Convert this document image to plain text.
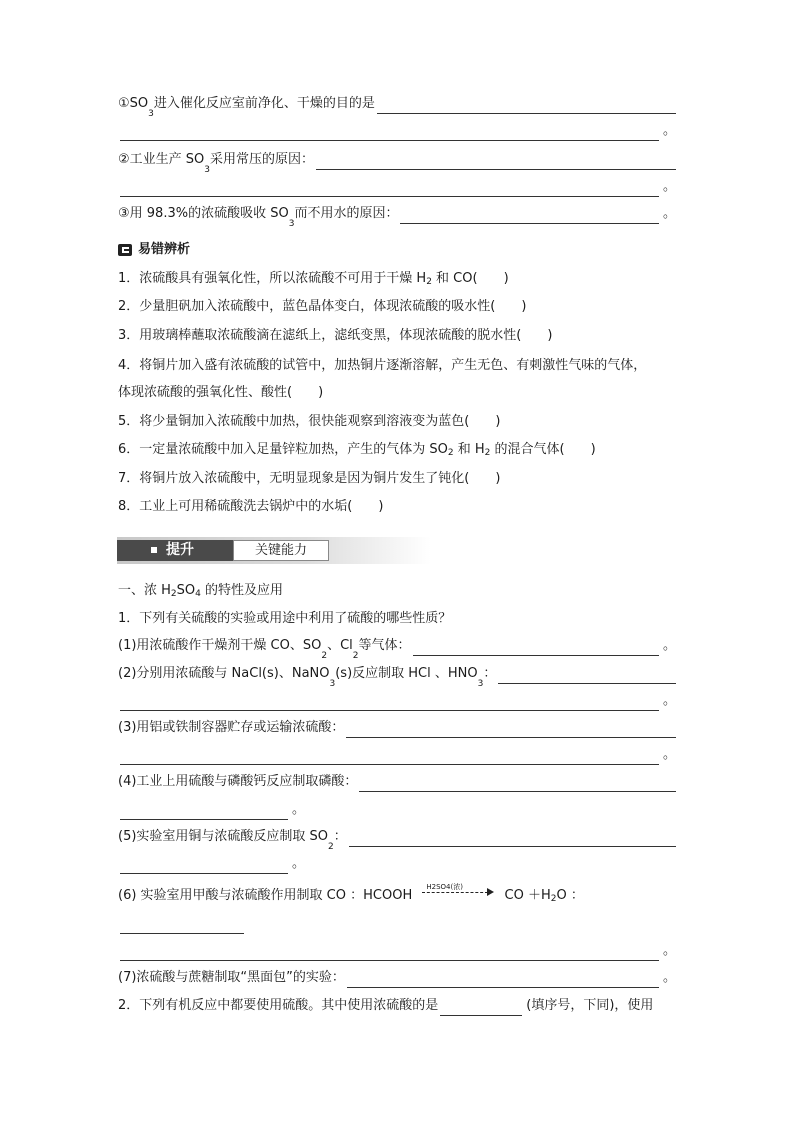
①SO
3
进入催化反应室前净化、干燥的目的是
。
②工业生产 SO
3
采用常压的原因：
。
③用 98.3%的浓硫酸吸收 SO
3
而不用水的原因：	。
易错辨析
1．浓硫酸具有强氧化性，所以浓硫酸不可用于干燥 $H_2$ 和 CO(　　)
2．少量胆矾加入浓硫酸中，蓝色晶体变白，体现浓硫酸的吸水性(　　)
3．用玻璃棒蘸取浓硫酸滴在滤纸上，滤纸变黑，体现浓硫酸的脱水性(　　)
4．将铜片加入盛有浓硫酸的试管中，加热铜片逐渐溶解，产生无色、有刺激性气味的气体，
体现浓硫酸的强氧化性、酸性(　　)
5．将少量铜加入浓硫酸中加热，很快能观察到溶液变为蓝色(　　)
6．一定量浓硫酸中加入足量锌粒加热，产生的气体为 $SO_2$ 和 $H_2$ 的混合气体(　　)
7．将铜片放入浓硫酸中，无明显现象是因为铜片发生了钝化(　　)
8．工业上可用稀硫酸洗去锅炉中的水垢(　　)
提升	关键能力
一、浓 $H_2SO_4$ 的特性及应用
1．下列有关硫酸的实验或用途中利用了硫酸的哪些性质？
(1)用浓硫酸作干燥剂干燥 CO、SO
2
、Cl
2
等气体：	。
(2)分别用浓硫酸与 NaCl(s)、NaNO
3
(s)反应制取 HCl 、HNO
3
：
。
(3)用铝或铁制容器贮存或运输浓硫酸：
。
(4)工业上用硫酸与磷酸钙反应制取磷酸：
。
(5)实验室用铜与浓硫酸反应制取 SO
2
：
。
(6) 实验室用甲酸与浓硫酸作用制取 CO ：HCOOH
H2SO4(浓)
CO $+H_2O$ ：
。
(7)浓硫酸与蔗糖制取“黑面包”的实验：	。
2．下列有机反应中都要使用硫酸。其中使用浓硫酸的是	(填序号，下同)，使用
